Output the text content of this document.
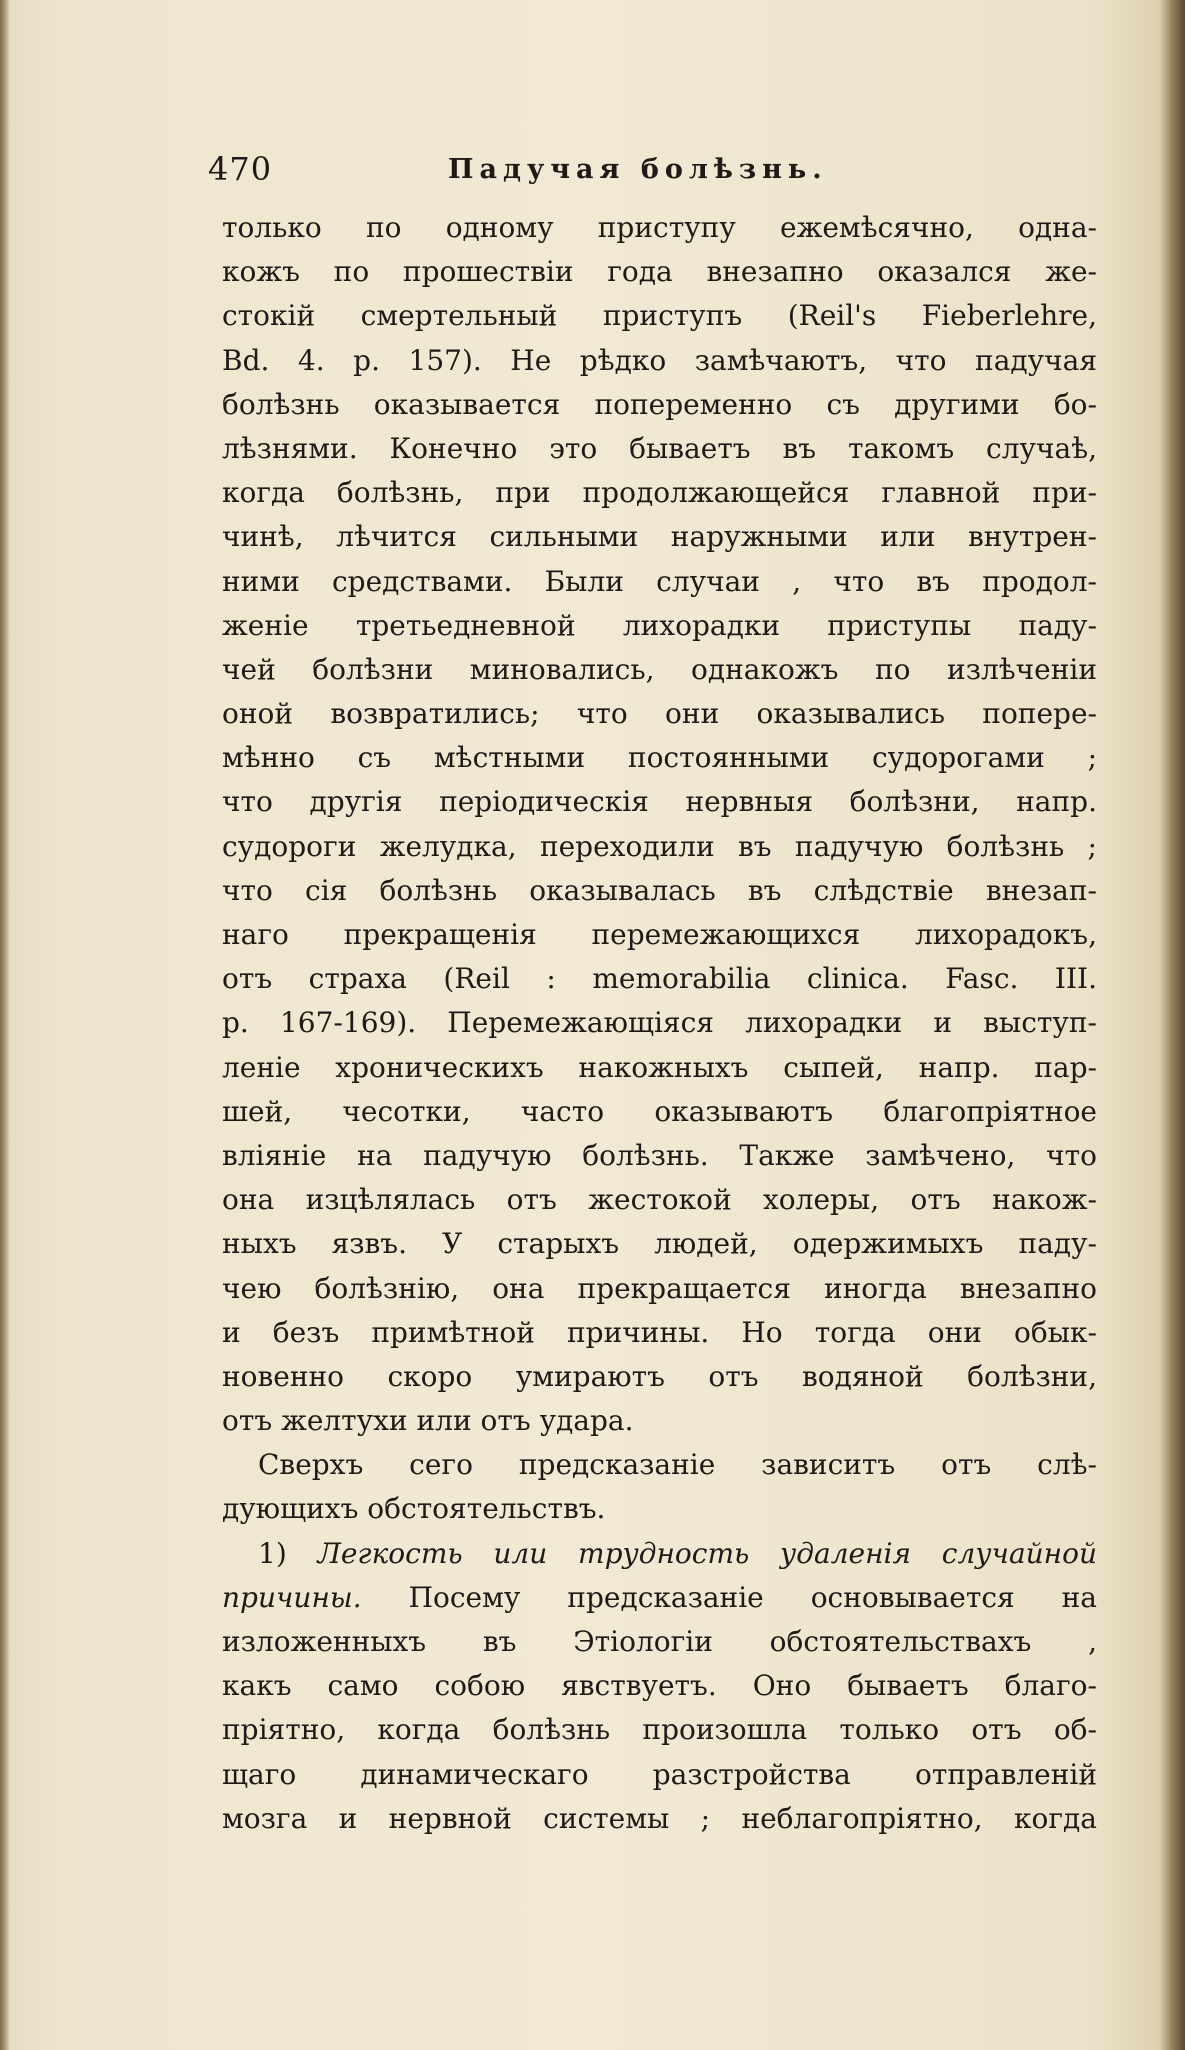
470	Падучая болѣзнь.
только по одному приступу ежемѣсячно, одна-
кожъ по прошествіи года внезапно оказался же-
стокій смертельный приступъ (Reil's Fieberlehre,
Bd. 4. p. 157). Не рѣдко замѣчаютъ, что падучая
болѣзнь оказывается попеременно съ другими бо-
лѣзнями. Конечно это бываетъ въ такомъ случаѣ,
когда болѣзнь, при продолжающейся главной при-
чинѣ, лѣчится сильными наружными или внутрен-
ними средствами. Были случаи , что въ продол-
женіе третьедневной лихорадки приступы паду-
чей болѣзни миновались, однакожъ по излѣченіи
оной возвратились; что они оказывались попере-
мѣнно съ мѣстными постоянными судорогами ;
что другія періодическія нервныя болѣзни, напр.
судороги желудка, переходили въ падучую болѣзнь ;
что сія болѣзнь оказывалась въ слѣдствіе внезап-
наго прекращенія перемежающихся лихорадокъ,
отъ страха (Reil : memorabilia clinica. Fasc. III.
p. 167-169). Перемежающіяся лихорадки и выступ-
леніе хроническихъ накожныхъ сыпей, напр. пар-
шей, чесотки, часто оказываютъ благопріятное
вліяніе на падучую болѣзнь. Также замѣчено, что
она изцѣлялась отъ жестокой холеры, отъ накож-
ныхъ язвъ. У старыхъ людей, одержимыхъ паду-
чею болѣзнію, она прекращается иногда внезапно
и безъ примѣтной причины. Но тогда они обык-
новенно скоро умираютъ отъ водяной болѣзни,
отъ желтухи или отъ удара.
Сверхъ сего предсказаніе зависитъ отъ слѣ-
дующихъ обстоятельствъ.
1) Легкость или трудность удаленія случайной
причины. Посему предсказаніе основывается на
изложенныхъ въ Этіологіи обстоятельствахъ ,
какъ само собою явствуетъ. Оно бываетъ благо-
пріятно, когда болѣзнь произошла только отъ об-
щаго динамическаго разстройства отправленій
мозга и нервной системы ; неблагопріятно, когда
